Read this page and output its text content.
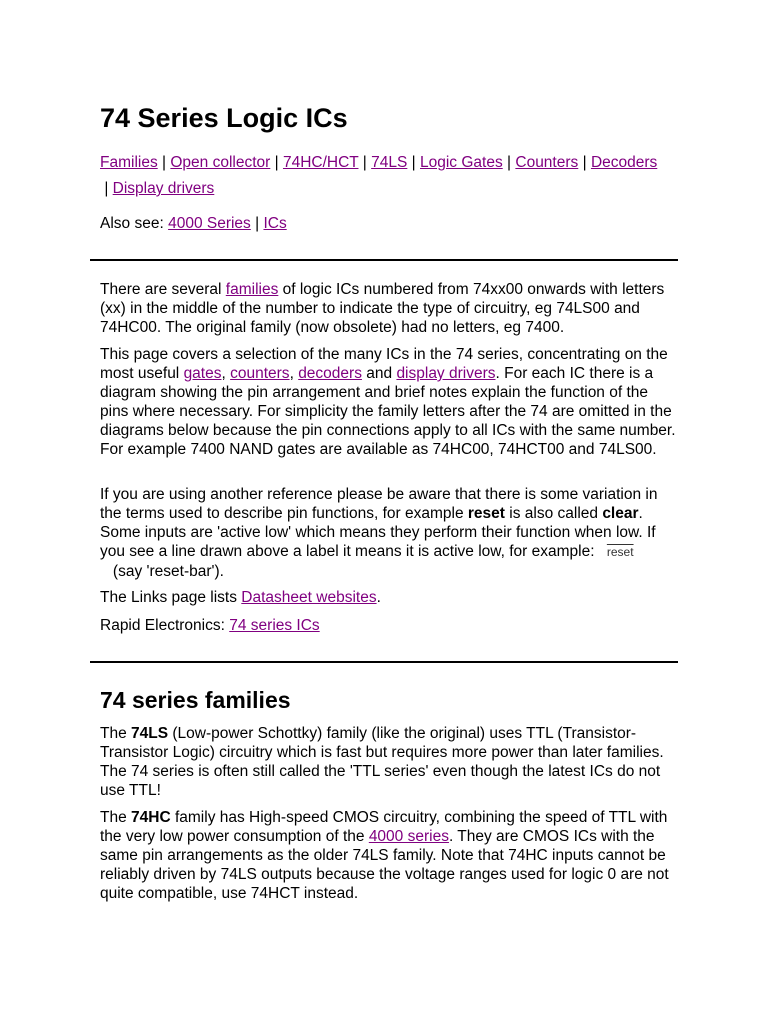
74 Series Logic ICs
Families | Open collector | 74HC/HCT | 74LS | Logic Gates | Counters | Decoders
| Display drivers
Also see: 4000 Series | ICs
There are several families of logic ICs numbered from 74xx00 onwards with letters (xx) in the middle of the number to indicate the type of circuitry, eg 74LS00 and 74HC00. The original family (now obsolete) had no letters, eg 7400.
This page covers a selection of the many ICs in the 74 series, concentrating on the most useful gates, counters, decoders and display drivers. For each IC there is a diagram showing the pin arrangement and brief notes explain the function of the pins where necessary. For simplicity the family letters after the 74 are omitted in the diagrams below because the pin connections apply to all ICs with the same number. For example 7400 NAND gates are available as 74HC00, 74HCT00 and 74LS00.
If you are using another reference please be aware that there is some variation in the terms used to describe pin functions, for example reset is also called clear. Some inputs are 'active low' which means they perform their function when low. If you see a line drawn above a label it means it is active low, for example: reset
(say 'reset-bar').
The Links page lists Datasheet websites.
Rapid Electronics: 74 series ICs
74 series families
The 74LS (Low-power Schottky) family (like the original) uses TTL (Transistor-Transistor Logic) circuitry which is fast but requires more power than later families. The 74 series is often still called the 'TTL series' even though the latest ICs do not use TTL!
The 74HC family has High-speed CMOS circuitry, combining the speed of TTL with the very low power consumption of the 4000 series. They are CMOS ICs with the same pin arrangements as the older 74LS family. Note that 74HC inputs cannot be reliably driven by 74LS outputs because the voltage ranges used for logic 0 are not quite compatible, use 74HCT instead.
